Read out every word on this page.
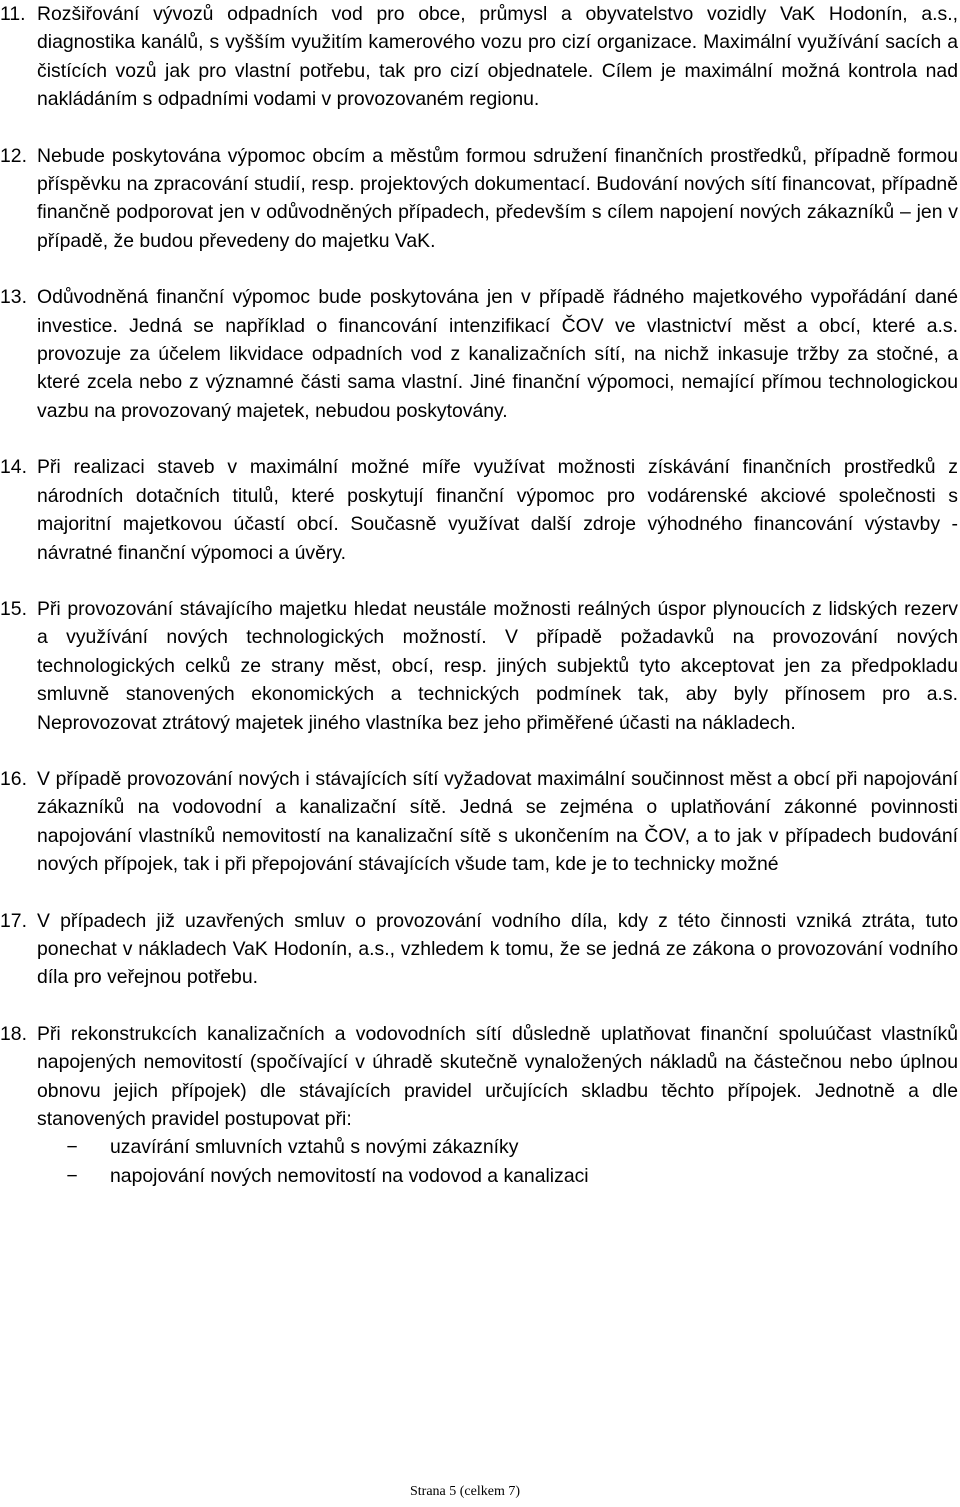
11. Rozšiřování vývozů odpadních vod pro obce, průmysl a obyvatelstvo vozidly VaK Hodonín, a.s., diagnostika kanálů, s vyšším využitím kamerového vozu pro cizí organizace. Maximální využívání sacích a čistících vozů jak pro vlastní potřebu, tak pro cizí objednatele. Cílem je maximální možná kontrola nad nakládáním s odpadními vodami v provozovaném regionu.
12. Nebude poskytována výpomoc obcím a městům formou sdružení finančních prostředků, případně formou příspěvku na zpracování studií, resp. projektových dokumentací. Budování nových sítí financovat, případně finančně podporovat jen v odůvodněných případech, především s cílem napojení nových zákazníků – jen v případě, že budou převedeny do majetku VaK.
13. Odůvodněná finanční výpomoc bude poskytována jen v případě řádného majetkového vypořádání dané investice. Jedná se například o financování intenzifikací ČOV ve vlastnictví měst a obcí, které a.s. provozuje za účelem likvidace odpadních vod z kanalizačních sítí, na nichž inkasuje tržby za stočné, a které zcela nebo z významné části sama vlastní. Jiné finanční výpomoci, nemající přímou technologickou vazbu na provozovaný majetek, nebudou poskytovány.
14. Při realizaci staveb v maximální možné míře využívat možnosti získávání finančních prostředků z národních dotačních titulů, které poskytují finanční výpomoc pro vodárenské akciové společnosti s majoritní majetkovou účastí obcí. Současně využívat další zdroje výhodného financování výstavby - návratné finanční výpomoci a úvěry.
15. Při provozování stávajícího majetku hledat neustále možnosti reálných úspor plynoucích z lidských rezerv a využívání nových technologických možností. V případě požadavků na provozování nových technologických celků ze strany měst, obcí, resp. jiných subjektů tyto akceptovat jen za předpokladu smluvně stanovených ekonomických a technických podmínek tak, aby byly přínosem pro a.s. Neprovozovat ztrátový majetek jiného vlastníka bez jeho přiměřené účasti na nákladech.
16. V případě provozování nových i stávajících sítí vyžadovat maximální součinnost měst a obcí při napojování zákazníků na vodovodní a kanalizační sítě. Jedná se zejména o uplatňování zákonné povinnosti napojování vlastníků nemovitostí na kanalizační sítě s ukončením na ČOV, a to jak v případech budování nových přípojek, tak i při přepojování stávajících všude tam, kde je to technicky možné
17. V případech již uzavřených smluv o provozování vodního díla, kdy z této činnosti vzniká ztráta, tuto ponechat v nákladech VaK Hodonín, a.s., vzhledem k tomu, že se jedná ze zákona o provozování vodního díla pro veřejnou potřebu.
18. Při rekonstrukcích kanalizačních a vodovodních sítí důsledně uplatňovat finanční spoluúčast vlastníků napojených nemovitostí (spočívající v úhradě skutečně vynaložených nákladů na částečnou nebo úplnou obnovu jejich přípojek) dle stávajících pravidel určujících skladbu těchto přípojek. Jednotně a dle stanovených pravidel postupovat při:
−	uzavírání smluvních vztahů s novými zákazníky
−	napojování nových nemovitostí na vodovod a kanalizaci
Strana 5 (celkem 7)
